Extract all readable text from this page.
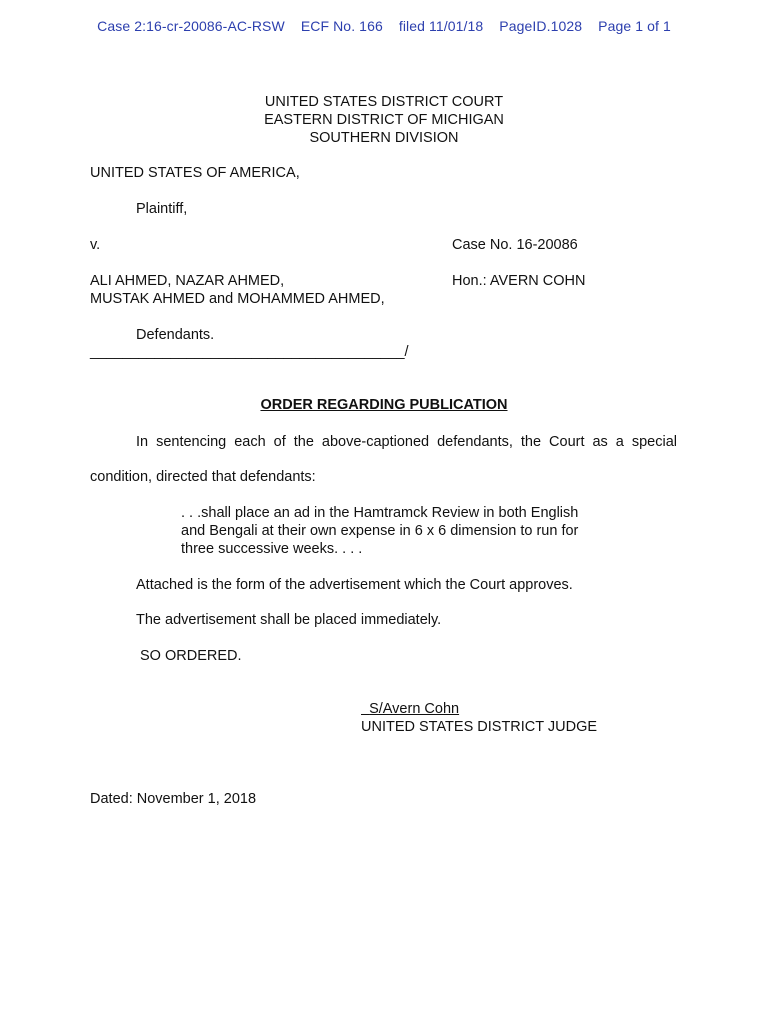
Case 2:16-cr-20086-AC-RSW ECF No. 166 filed 11/01/18 PageID.1028 Page 1 of 1
UNITED STATES DISTRICT COURT
EASTERN DISTRICT OF MICHIGAN
SOUTHERN DIVISION
UNITED STATES OF AMERICA,
Plaintiff,
v.	Case No. 16-20086
ALI AHMED, NAZAR AHMED,	Hon.: AVERN COHN
MUSTAK AHMED and MOHAMMED AHMED,
Defendants.
_______________________________________/
ORDER REGARDING PUBLICATION
In sentencing each of the above-captioned defendants, the Court as a special
condition, directed that defendants:
. . .shall place an ad in the Hamtramck Review in both English
and Bengali at their own expense in 6 x 6 dimension to run for
three successive weeks. . . .
Attached is the form of the advertisement which the Court approves.
The advertisement shall be placed immediately.
SO ORDERED.
S/Avern Cohn
UNITED STATES DISTRICT JUDGE
Dated: November 1, 2018
